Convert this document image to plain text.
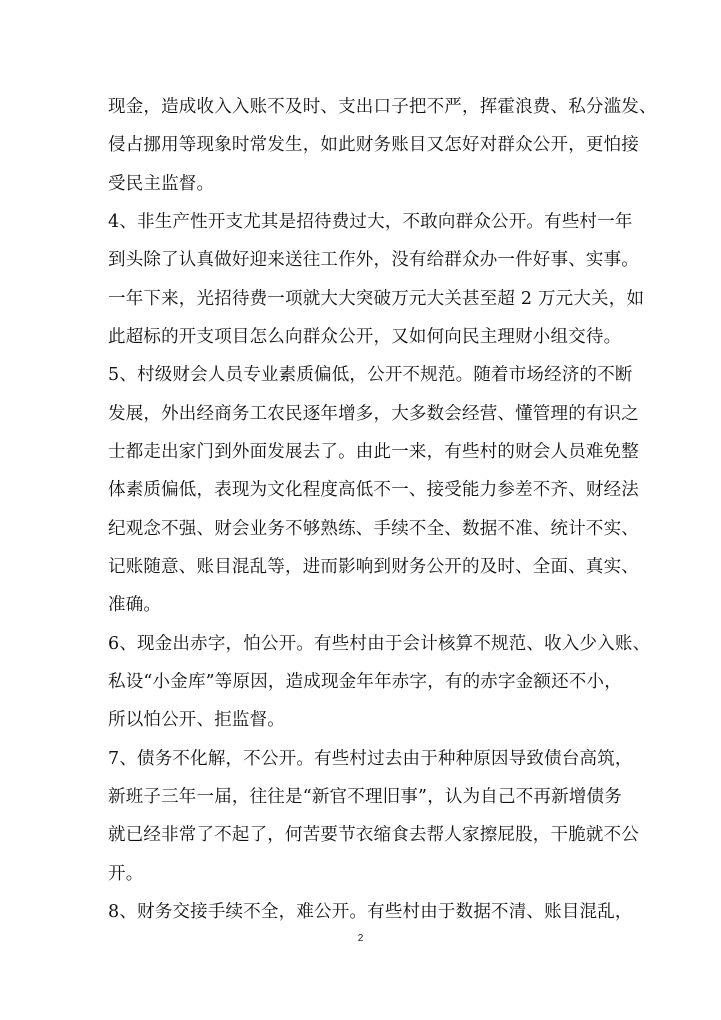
现金，造成收入入账不及时、支出口子把不严，挥霍浪费、私分滥发、
侵占挪用等现象时常发生，如此财务账目又怎好对群众公开，更怕接
受民主监督。
4、非生产性开支尤其是招待费过大，不敢向群众公开。有些村一年
到头除了认真做好迎来送往工作外，没有给群众办一件好事、实事。
一年下来，光招待费一项就大大突破万元大关甚至超 2 万元大关，如
此超标的开支项目怎么向群众公开，又如何向民主理财小组交待。
5、村级财会人员专业素质偏低，公开不规范。随着市场经济的不断
发展，外出经商务工农民逐年增多，大多数会经营、懂管理的有识之
士都走出家门到外面发展去了。由此一来，有些村的财会人员难免整
体素质偏低，表现为文化程度高低不一、接受能力参差不齐、财经法
纪观念不强、财会业务不够熟练、手续不全、数据不准、统计不实、
记账随意、账目混乱等，进而影响到财务公开的及时、全面、真实、
准确。
6、现金出赤字，怕公开。有些村由于会计核算不规范、收入少入账、
私设“小金库”等原因，造成现金年年赤字，有的赤字金额还不小，
所以怕公开、拒监督。
7、债务不化解，不公开。有些村过去由于种种原因导致债台高筑，
新班子三年一届，往往是“新官不理旧事”，认为自己不再新增债务
就已经非常了不起了，何苦要节衣缩食去帮人家擦屁股，干脆就不公
开。
8、财务交接手续不全，难公开。有些村由于数据不清、账目混乱，
2
